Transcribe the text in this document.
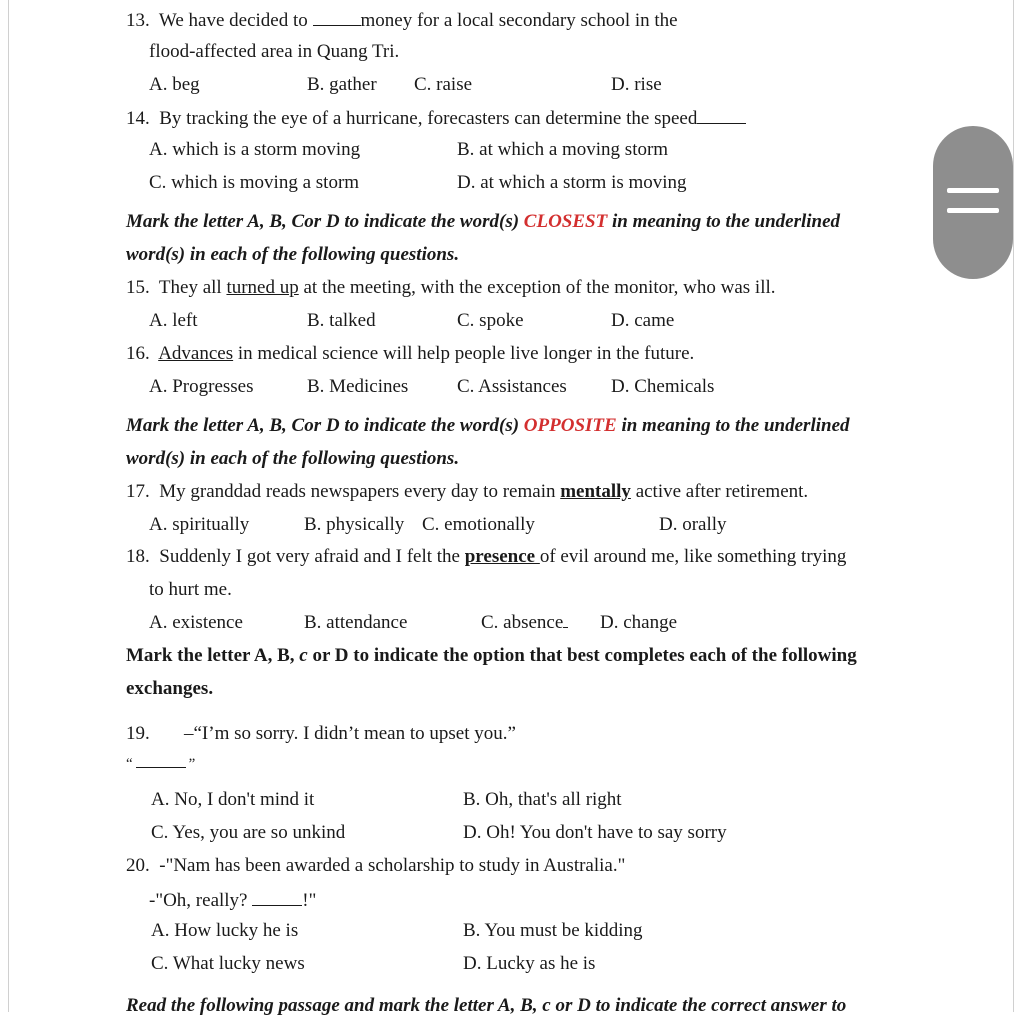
13. We have decided to	money for a local secondary school in the
flood-affected area in Quang Tri.
A. beg	B. gather C. raise	D. rise
14. By tracking the eye of a hurricane, forecasters can determine the speed
A. which is a storm moving	B. at which a moving storm
C. which is moving a storm	D. at which a storm is moving
Mark the letter A, B, Cor D to indicate the word(s) CLOSEST in meaning to the underlined
word(s) in each of the following questions.
15. They all turned up at the meeting, with the exception of the monitor, who was ill.
A. left	B. talked	C. spoke	D. came
16. Advances in medical science will help people live longer in the future.
A. Progresses	B. Medicines	C. Assistances D. Chemicals
Mark the letter A, B, Cor D to indicate the word(s) OPPOSITE in meaning to the underlined
word(s) in each of the following questions.
17. My granddad reads newspapers every day to remain mentally active after retirement.
A. spiritually	B. physically C. emotionally	D. orally
18. Suddenly I got very afraid and I felt the presence of evil around me, like something trying
to hurt me.
A. existence	B. attendance	C. absence D. change
Mark the letter A, B, c or D to indicate the option that best completes each of the following
exchanges.
19. –“I’m so sorry. I didn’t mean to upset you.”
“	”
A. No, I don't mind it	B. Oh, that's all right
C. Yes, you are so unkind	D. Oh! You don't have to say sorry
20. -"Nam has been awarded a scholarship to study in Australia."
-"Oh, really?	!"
A. How lucky he is	B. You must be kidding
C. What lucky news	D. Lucky as he is
Read the following passage and mark the letter A, B, c or D to indicate the correct answer to
